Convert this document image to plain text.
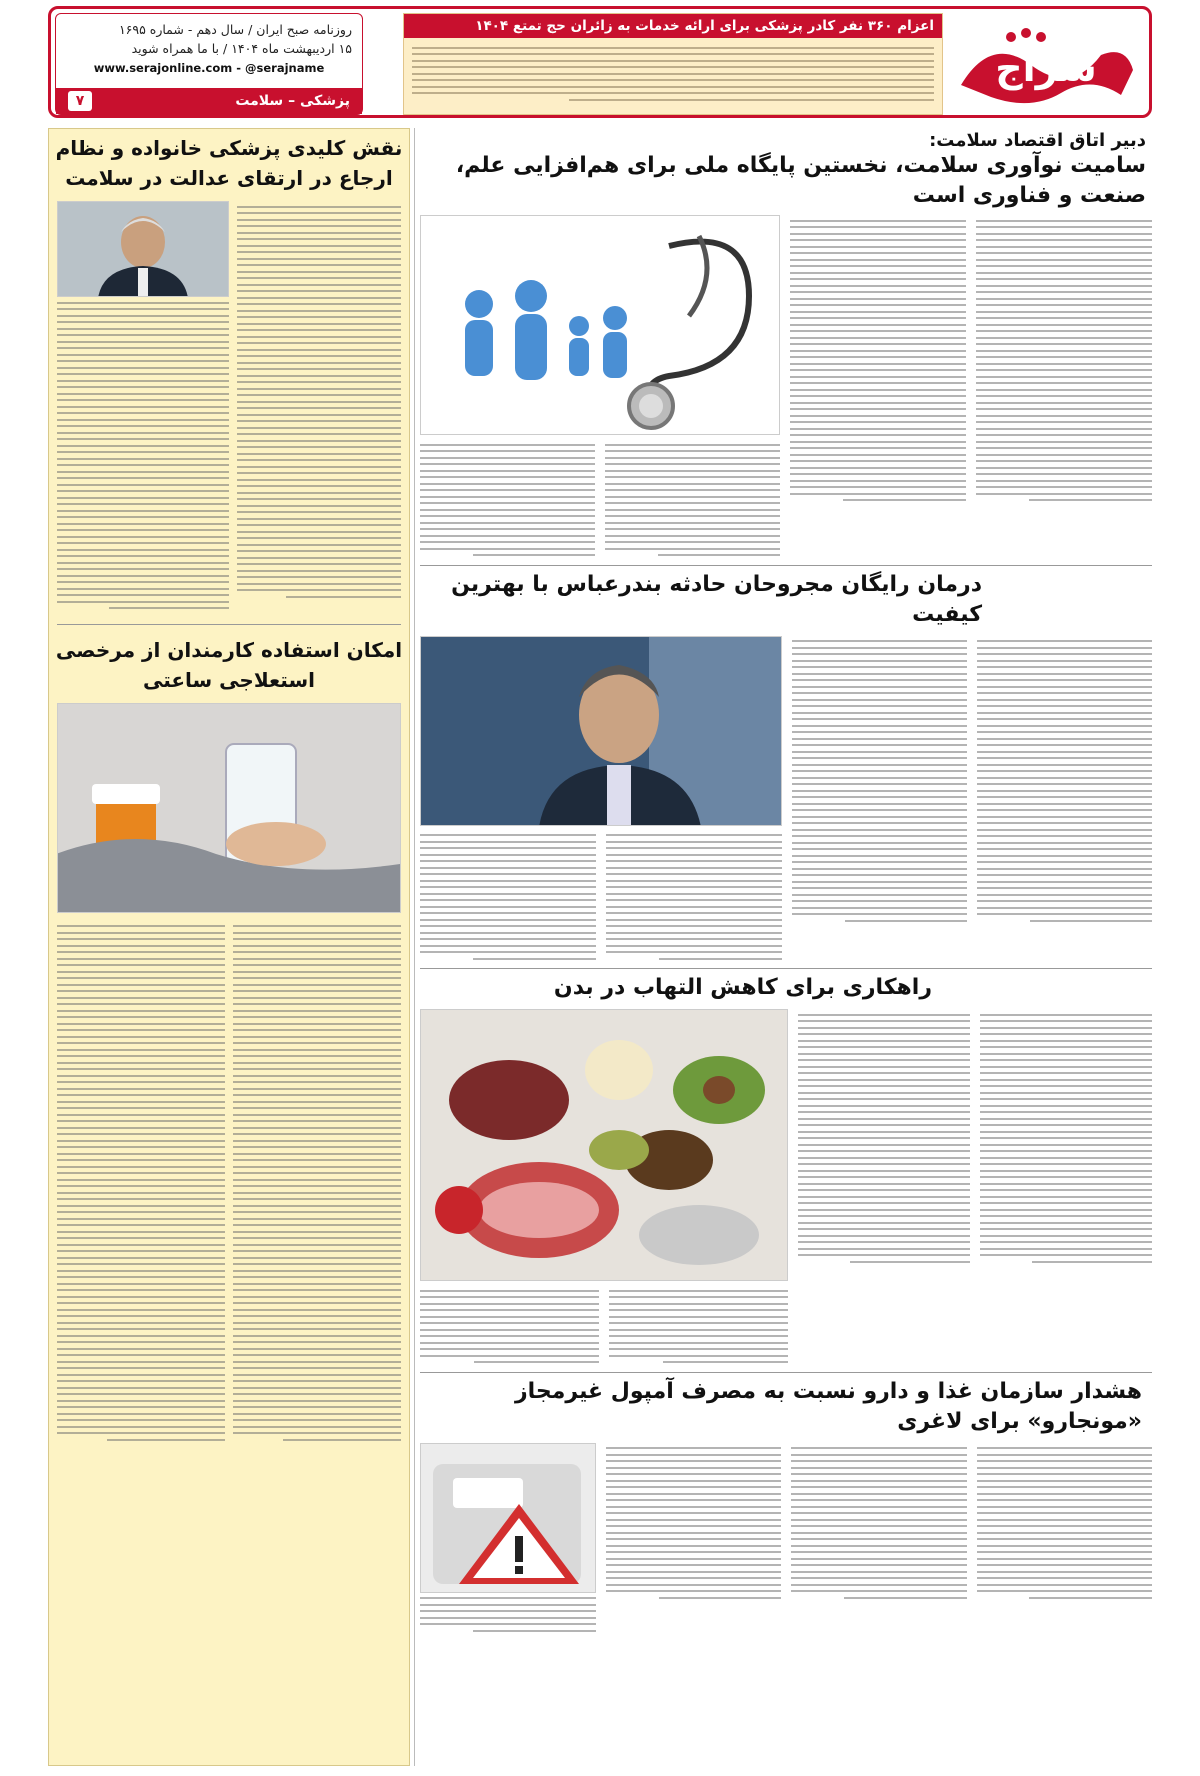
سراج
اعزام ۳۶۰ نفر کادر پزشکی برای ارائه خدمات به زائران حج تمتع ۱۴۰۴
روزنامه صبح ایران / سال دهم - شماره ۱۶۹۵
۱۵ اردیبهشت ماه ۱۴۰۴ / با ما همراه شوید
www.serajonline.com - @serajname
پزشکی – سلامت
۷
دبیر اتاق اقتصاد سلامت:
سامیت نوآوری سلامت، نخستین پایگاه ملی برای هم‌افزایی علم، صنعت و فناوری است
درمان رایگان مجروحان حادثه بندرعباس با بهترین کیفیت
راهکاری برای کاهش التهاب در بدن
هشدار سازمان غذا و دارو نسبت به مصرف آمپول غیرمجاز «مونجارو» برای لاغری
نقش کلیدی پزشکی خانواده و نظام ارجاع در ارتقای عدالت در سلامت
امکان استفاده کارمندان از مرخصی استعلاجی ساعتی
